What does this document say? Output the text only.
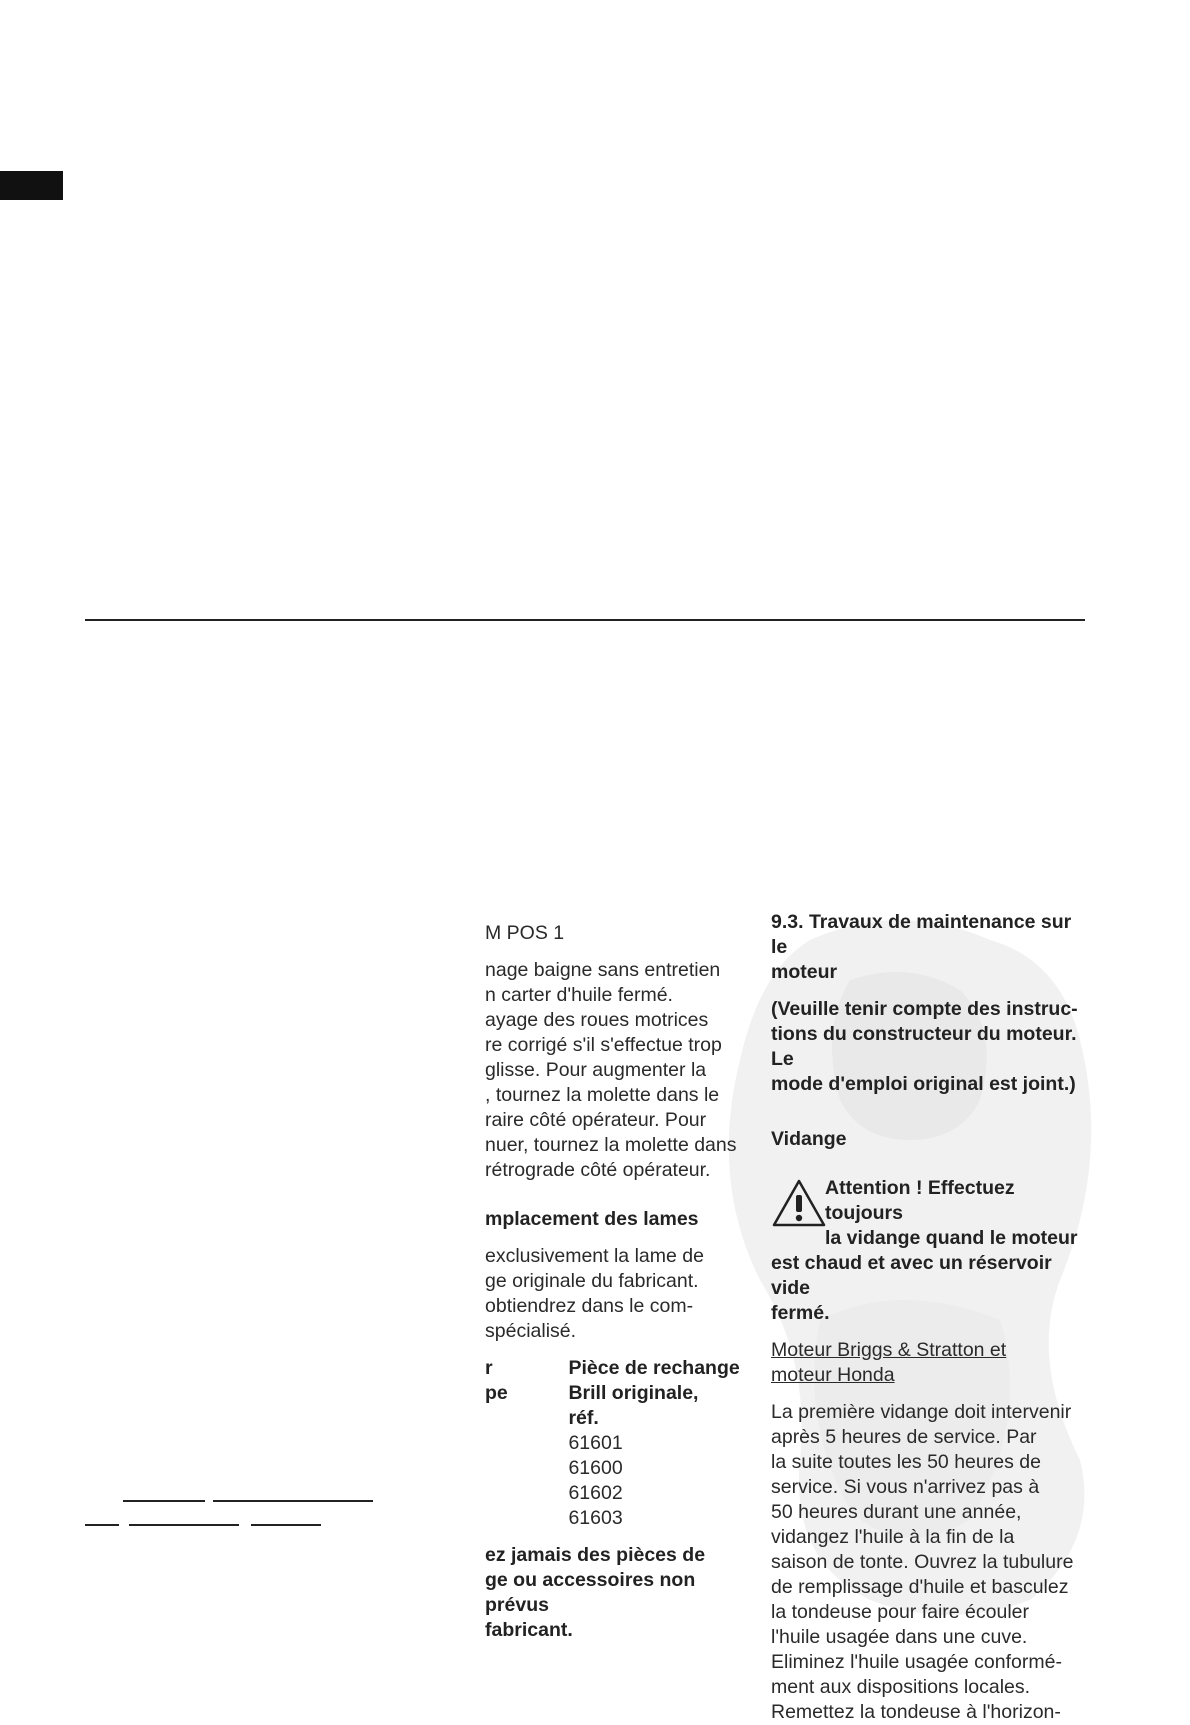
M POS 1

nage baigne sans entretien

n carter d'huile fermé.

ayage des roues motrices

re corrigé s'il s'effectue trop

glisse. Pour augmenter la

, tournez la molette dans le

raire côté opérateur. Pour

nuer, tournez la molette dans

rétrograde côté opérateur.

mplacement des lames

exclusivement la lame de

ge originale du fabricant.

obtiendrez dans le com-

spécialisé.

r	Pièce de rechange
pe	Brill originale,
réf.
61601
61600
61602
61603

ez jamais des pièces de

ge ou accessoires non prévus

fabricant.

9.3. Travaux de maintenance sur le

moteur

(Veuille tenir compte des instruc-

tions du constructeur du moteur. Le

mode d'emploi original est joint.)

Vidange

Attention ! Effectuez toujours

la vidange quand le moteur

est chaud et avec un réservoir vide

fermé.

Moteur Briggs & Stratton et

moteur Honda

La première vidange doit intervenir

après 5 heures de service. Par

la suite toutes les 50 heures de

service. Si vous n'arrivez pas à

50 heures durant une année,

vidangez l'huile à la fin de la

saison de tonte. Ouvrez la tubulure

de remplissage d'huile et basculez

la tondeuse pour faire écouler

l'huile usagée dans une cuve.

Eliminez l'huile usagée conformé-

ment aux dispositions locales.

Remettez la tondeuse à l'horizon-
